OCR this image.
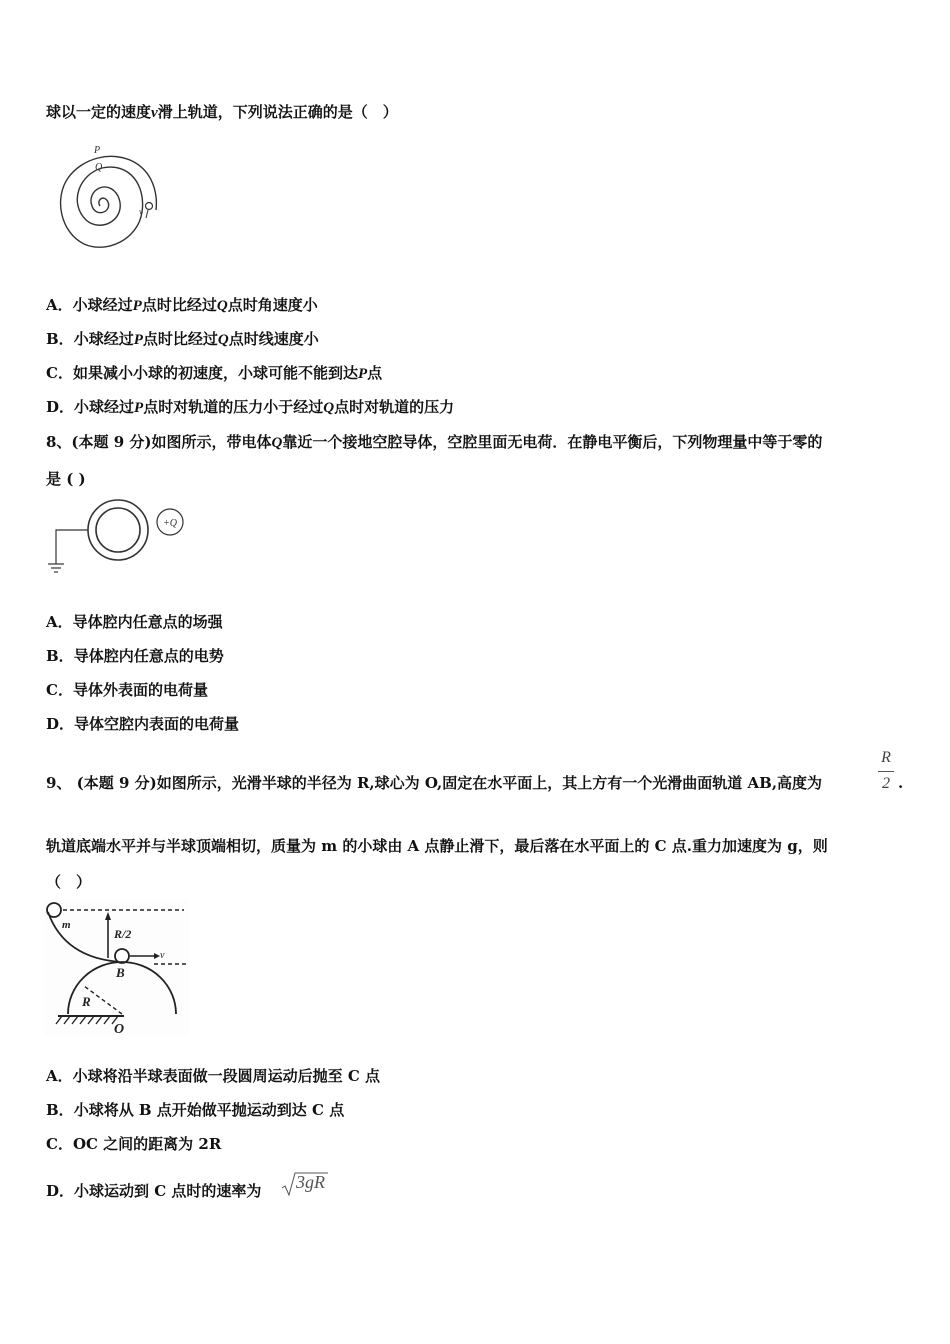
球以一定的速度v滑上轨道，下列说法正确的是（　）
P
Q
v
A．小球经过P点时比经过Q点时角速度小
B．小球经过P点时比经过Q点时线速度小
C．如果减小小球的初速度，小球可能不能到达P点
D．小球经过P点时对轨道的压力小于经过Q点时对轨道的压力
8、(本题 9 分)如图所示，带电体Q靠近一个接地空腔导体，空腔里面无电荷．在静电平衡后，下列物理量中等于零的
是 ( )
+Q
A．导体腔内任意点的场强
B．导体腔内任意点的电势
C．导体外表面的电荷量
D．导体空腔内表面的电荷量
9、 (本题 9 分)如图所示，光滑半球的半径为 R,球心为 O,固定在水平面上，其上方有一个光滑曲面轨道 AB,高度为
R
2 .
轨道底端水平并与半球顶端相切，质量为 m 的小球由 A 点静止滑下，最后落在水平面上的 C 点.重力加速度为 g，则
（　）
m
R/2
v
B
R
O
A．小球将沿半球表面做一段圆周运动后抛至 C 点
B．小球将从 B 点开始做平抛运动到达 C 点
C．OC 之间的距离为 2R
D．小球运动到 C 点时的速率为 3gR
